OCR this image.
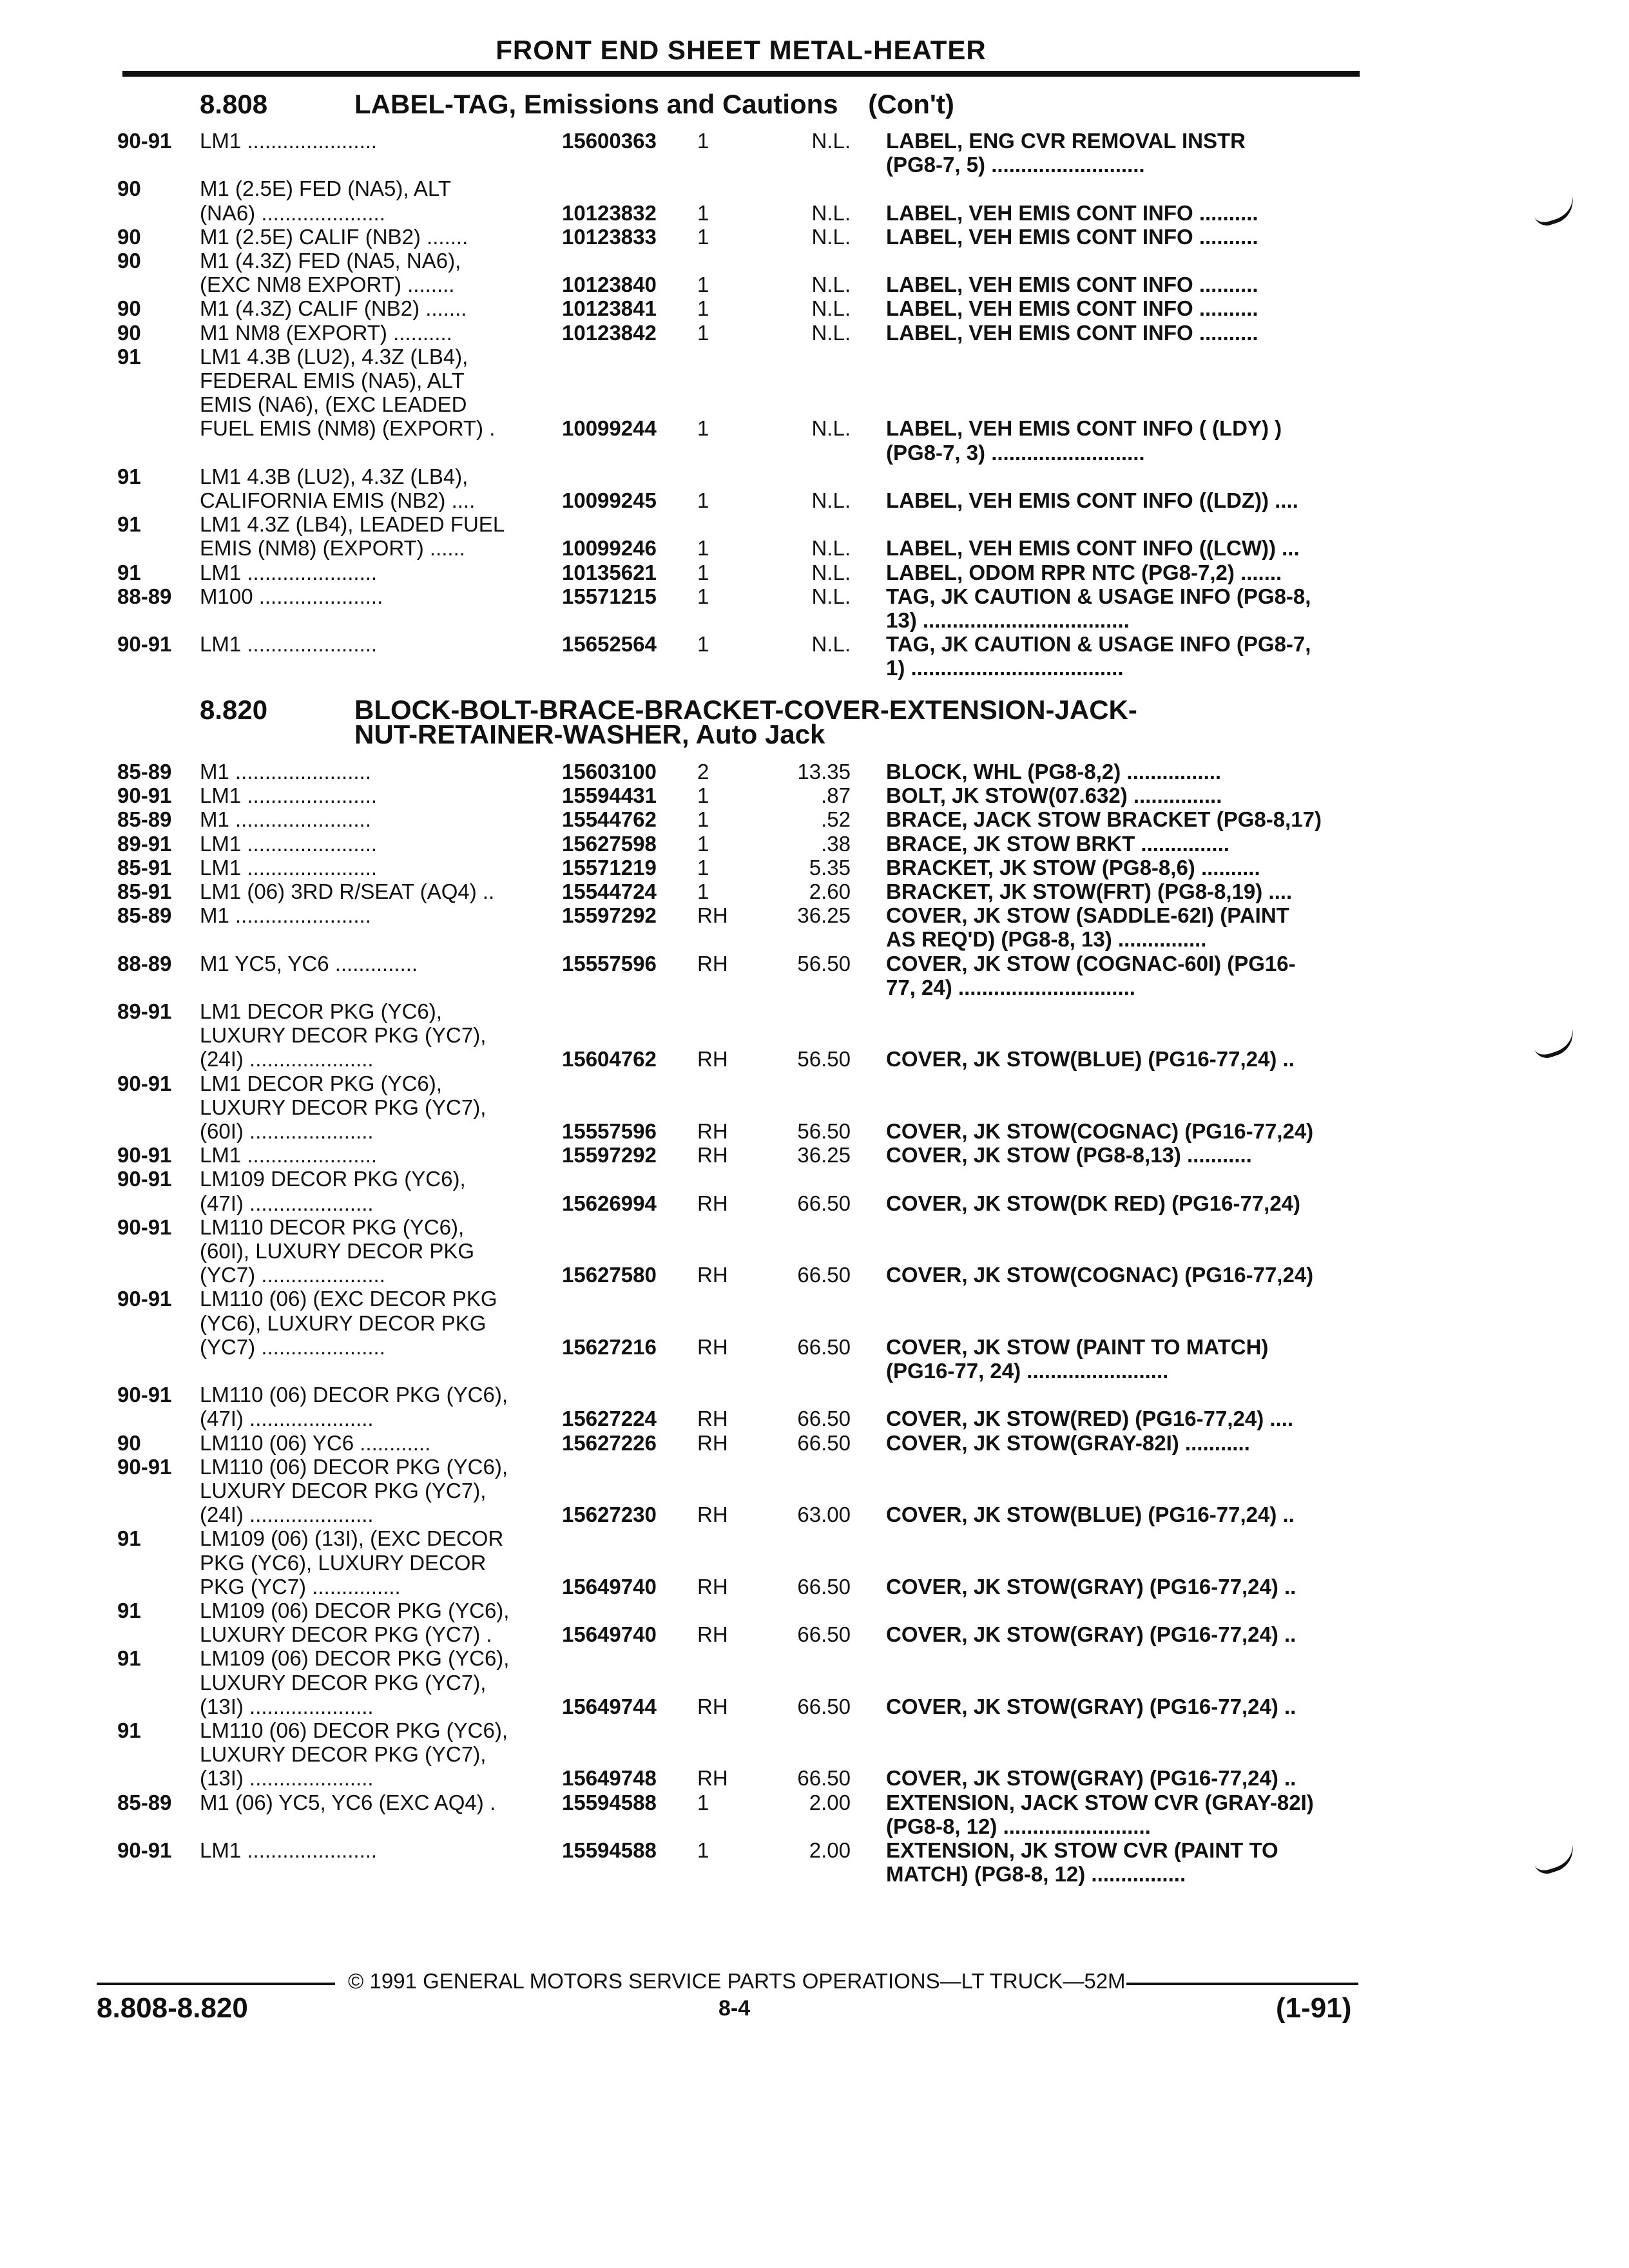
FRONT END SHEET METAL-HEATER
8.808	LABEL-TAG, Emissions and Cautions    (Con't)
8.820	BLOCK-BOLT-BRACE-BRACKET-COVER-EXTENSION-JACK-
NUT-RETAINER-WASHER, Auto Jack
90-91 LM1 ......................	15600363 1	N.L. LABEL, ENG CVR REMOVAL INSTR
(PG8-7, 5) ..........................
90	M1 (2.5E) FED (NA5), ALT
(NA6) .....................	10123832 1	N.L. LABEL, VEH EMIS CONT INFO ..........
90	M1 (2.5E) CALIF (NB2) .......	10123833 1	N.L. LABEL, VEH EMIS CONT INFO ..........
90	M1 (4.3Z) FED (NA5, NA6),
(EXC NM8 EXPORT) ........	10123840 1	N.L. LABEL, VEH EMIS CONT INFO ..........
90	M1 (4.3Z) CALIF (NB2) .......	10123841 1	N.L. LABEL, VEH EMIS CONT INFO ..........
90	M1 NM8 (EXPORT) ..........	10123842 1	N.L. LABEL, VEH EMIS CONT INFO ..........
91	LM1 4.3B (LU2), 4.3Z (LB4),
FEDERAL EMIS (NA5), ALT
EMIS (NA6), (EXC LEADED
FUEL EMIS (NM8) (EXPORT) .	10099244 1	N.L. LABEL, VEH EMIS CONT INFO ( (LDY) )
(PG8-7, 3) ..........................
91	LM1 4.3B (LU2), 4.3Z (LB4),
CALIFORNIA EMIS (NB2) ....	10099245 1	N.L. LABEL, VEH EMIS CONT INFO ((LDZ)) ....
91	LM1 4.3Z (LB4), LEADED FUEL
EMIS (NM8) (EXPORT) ......	10099246 1	N.L. LABEL, VEH EMIS CONT INFO ((LCW)) ...
91	LM1 ......................	10135621 1	N.L. LABEL, ODOM RPR NTC (PG8-7,2) .......
88-89 M100 .....................	15571215 1	N.L. TAG, JK CAUTION & USAGE INFO (PG8-8,
13) ...................................
90-91 LM1 ......................	15652564 1	N.L. TAG, JK CAUTION & USAGE INFO (PG8-7,
1) ....................................
85-89 M1 .......................	15603100 2	13.35 BLOCK, WHL (PG8-8,2) ................
90-91 LM1 ......................	15594431 1	.87 BOLT, JK STOW(07.632) ...............
85-89 M1 .......................	15544762 1	.52 BRACE, JACK STOW BRACKET (PG8-8,17)
89-91 LM1 ......................	15627598 1	.38 BRACE, JK STOW BRKT ...............
85-91 LM1 ......................	15571219 1	5.35 BRACKET, JK STOW (PG8-8,6) ..........
85-91 LM1 (06) 3RD R/SEAT (AQ4) ..	15544724 1	2.60 BRACKET, JK STOW(FRT) (PG8-8,19) ....
85-89 M1 .......................	15597292 RH	36.25 COVER, JK STOW (SADDLE-62I) (PAINT
AS REQ'D) (PG8-8, 13) ...............
88-89 M1 YC5, YC6 ..............	15557596 RH	56.50 COVER, JK STOW (COGNAC-60I) (PG16-
77, 24) ..............................
89-91 LM1 DECOR PKG (YC6),
LUXURY DECOR PKG (YC7),
(24I) .....................	15604762 RH	56.50 COVER, JK STOW(BLUE) (PG16-77,24) ..
90-91 LM1 DECOR PKG (YC6),
LUXURY DECOR PKG (YC7),
(60I) .....................	15557596 RH	56.50 COVER, JK STOW(COGNAC) (PG16-77,24)
90-91 LM1 ......................	15597292 RH	36.25 COVER, JK STOW (PG8-8,13) ...........
90-91 LM109 DECOR PKG (YC6),
(47I) .....................	15626994 RH	66.50 COVER, JK STOW(DK RED) (PG16-77,24)
90-91 LM110 DECOR PKG (YC6),
(60I), LUXURY DECOR PKG
(YC7) .....................	15627580 RH	66.50 COVER, JK STOW(COGNAC) (PG16-77,24)
90-91 LM110 (06) (EXC DECOR PKG
(YC6), LUXURY DECOR PKG
(YC7) .....................	15627216 RH	66.50 COVER, JK STOW (PAINT TO MATCH)
(PG16-77, 24) ........................
90-91 LM110 (06) DECOR PKG (YC6),
(47I) .....................	15627224 RH	66.50 COVER, JK STOW(RED) (PG16-77,24) ....
90	LM110 (06) YC6 ............	15627226 RH	66.50 COVER, JK STOW(GRAY-82I) ...........
90-91 LM110 (06) DECOR PKG (YC6),
LUXURY DECOR PKG (YC7),
(24I) .....................	15627230 RH	63.00 COVER, JK STOW(BLUE) (PG16-77,24) ..
91	LM109 (06) (13I), (EXC DECOR
PKG (YC6), LUXURY DECOR
PKG (YC7) ...............	15649740 RH	66.50 COVER, JK STOW(GRAY) (PG16-77,24) ..
91	LM109 (06) DECOR PKG (YC6),
LUXURY DECOR PKG (YC7) .	15649740 RH	66.50 COVER, JK STOW(GRAY) (PG16-77,24) ..
91	LM109 (06) DECOR PKG (YC6),
LUXURY DECOR PKG (YC7),
(13I) .....................	15649744 RH	66.50 COVER, JK STOW(GRAY) (PG16-77,24) ..
91	LM110 (06) DECOR PKG (YC6),
LUXURY DECOR PKG (YC7),
(13I) .....................	15649748 RH	66.50 COVER, JK STOW(GRAY) (PG16-77,24) ..
85-89 M1 (06) YC5, YC6 (EXC AQ4) .	15594588 1	2.00 EXTENSION, JACK STOW CVR (GRAY-82I)
(PG8-8, 12) .........................
90-91 LM1 ......................	15594588 1	2.00 EXTENSION, JK STOW CVR (PAINT TO
MATCH) (PG8-8, 12) ................
© 1991 GENERAL MOTORS SERVICE PARTS OPERATIONS—LT TRUCK—52M
8.808-8.820	8-4	(1-91)
